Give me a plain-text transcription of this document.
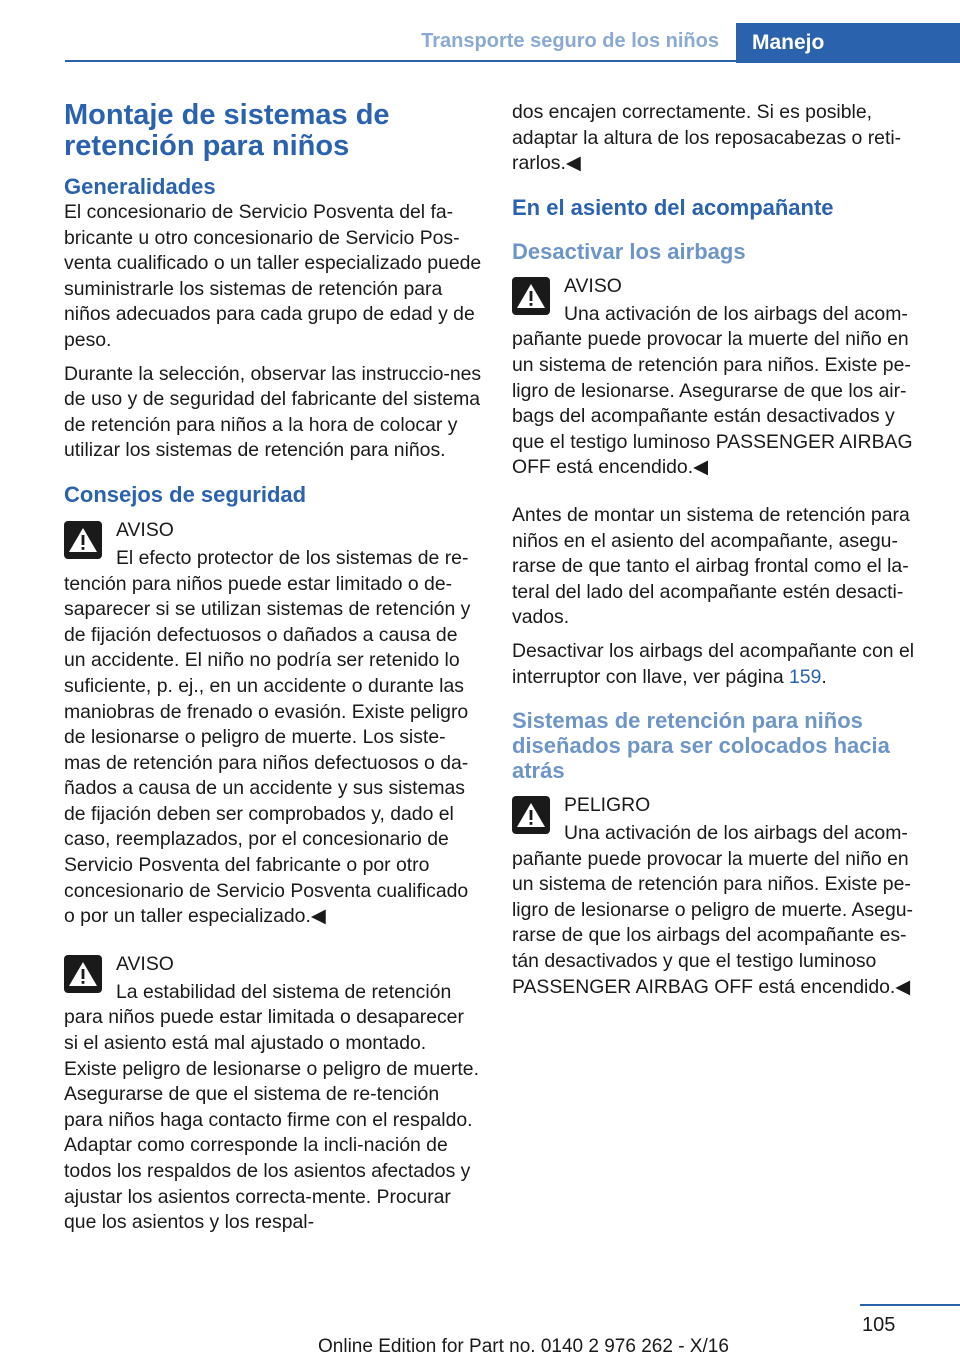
Transporte seguro de los niños	Manejo
Montaje de sistemas de retención para niños
Generalidades

El concesionario de Servicio Posventa del fa-bricante u otro concesionario de Servicio Pos-venta cualificado o un taller especializado puede suministrarle los sistemas de retención para niños adecuados para cada grupo de edad y de peso.

Durante la selección, observar las instruccio-nes de uso y de seguridad del fabricante del sistema de retención para niños a la hora de colocar y utilizar los sistemas de retención para niños.

Consejos de seguridad
AVISO
El efecto protector de los sistemas de re-tención para niños puede estar limitado o de-saparecer si se utilizan sistemas de retención y de fijación defectuosos o dañados a causa de un accidente. El niño no podría ser retenido lo suficiente, p. ej., en un accidente o durante las maniobras de frenado o evasión. Existe peligro de lesionarse o peligro de muerte. Los siste-mas de retención para niños defectuosos o da-ñados a causa de un accidente y sus sistemas de fijación deben ser comprobados y, dado el caso, reemplazados, por el concesionario de Servicio Posventa del fabricante o por otro concesionario de Servicio Posventa cualificado o por un taller especializado.◀
AVISO
La estabilidad del sistema de retención para niños puede estar limitada o desaparecer si el asiento está mal ajustado o montado. Existe peligro de lesionarse o peligro de muerte. Asegurarse de que el sistema de re-tención para niños haga contacto firme con el respaldo. Adaptar como corresponde la incli-nación de todos los respaldos de los asientos afectados y ajustar los asientos correcta-mente. Procurar que los asientos y los respal-

dos encajen correctamente. Si es posible, adaptar la altura de los reposacabezas o reti-rarlos.◀

En el asiento del acompañante
Desactivar los airbags
AVISO
Una activación de los airbags del acom-pañante puede provocar la muerte del niño en un sistema de retención para niños. Existe pe-ligro de lesionarse. Asegurarse de que los air-bags del acompañante están desactivados y que el testigo luminoso PASSENGER AIRBAG OFF está encendido.◀

Antes de montar un sistema de retención para niños en el asiento del acompañante, asegu-rarse de que tanto el airbag frontal como el la-teral del lado del acompañante estén desacti-vados.

Desactivar los airbags del acompañante con el interruptor con llave, ver página 159.

Sistemas de retención para niños diseñados para ser colocados hacia atrás
PELIGRO
Una activación de los airbags del acom-pañante puede provocar la muerte del niño en un sistema de retención para niños. Existe pe-ligro de lesionarse o peligro de muerte. Asegu-rarse de que los airbags del acompañante es-tán desactivados y que el testigo luminoso PASSENGER AIRBAG OFF está encendido.◀
105
Online Edition for Part no. 0140 2 976 262 - X/16
